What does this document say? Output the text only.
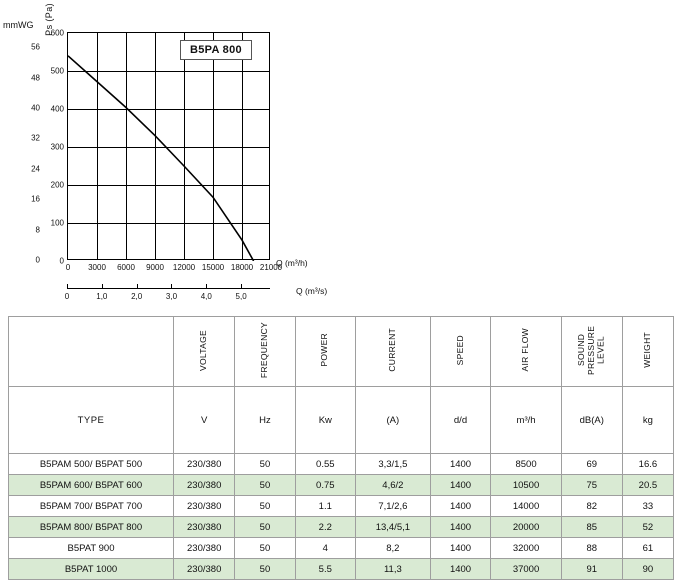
mmWG Ps (Pa)
0 3000 6000 9000 12000 15000 18000 21000
0
100
200
300
400
500
600
0	1,0	2,0	3,0	4,0	5,0
Q (m³/h)
Q (m³/s)
B5PA 800
0
8
16
24
32
40
48
56
	VOLTAGE	FREQUENCY	POWER	CURRENT	SPEED	AIR FLOW	SOUND PRESSURE LEVEL	WEIGHT
TYPE	V	Hz	Kw	(A)	d/d	m³/h	dB(A)	kg
B5PAM 500/ B5PAT 500	230/380	50	0.55	3,3/1,5	1400	8500	69	16.6
B5PAM 600/ B5PAT 600	230/380	50	0.75	4,6/2	1400	10500	75	20.5
B5PAM 700/ B5PAT 700	230/380	50	1.1	7,1/2,6	1400	14000	82	33
B5PAM 800/ B5PAT 800	230/380	50	2.2	13,4/5,1	1400	20000	85	52
B5PAT 900	230/380	50	4	8,2	1400	32000	88	61
B5PAT 1000	230/380	50	5.5	11,3	1400	37000	91	90
